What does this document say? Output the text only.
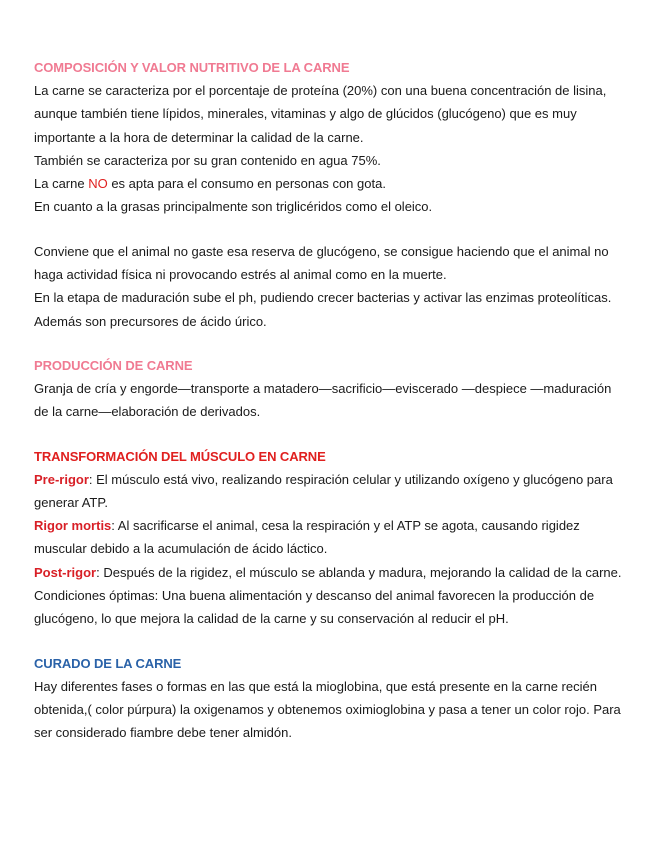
COMPOSICIÓN Y VALOR NUTRITIVO DE LA CARNE

La carne se caracteriza por el porcentaje de proteína (20%) con una buena concentración de lisina, aunque también tiene lípidos, minerales, vitaminas y algo de glúcidos (glucógeno) que es muy importante a la hora de determinar la calidad de la carne.

También se caracteriza por su gran contenido en agua 75%.

La carne NO es apta para el consumo en personas con gota.

En cuanto a la grasas principalmente son triglicéridos como el oleico.

Conviene que el animal no gaste esa reserva de glucógeno, se consigue haciendo que el animal no haga actividad física ni provocando estrés al animal como en la muerte.

En la etapa de maduración sube el ph, pudiendo crecer bacterias y activar las enzimas proteolíticas. Además son precursores de ácido úrico.

PRODUCCIÓN DE CARNE

Granja de cría y engorde—transporte a matadero—sacrificio—eviscerado —despiece —maduración de la carne—elaboración de derivados.

TRANSFORMACIÓN DEL MÚSCULO EN CARNE

Pre-rigor: El músculo está vivo, realizando respiración celular y utilizando oxígeno y glucógeno para generar ATP.

Rigor mortis: Al sacrificarse el animal, cesa la respiración y el ATP se agota, causando rigidez muscular debido a la acumulación de ácido láctico.

Post-rigor: Después de la rigidez, el músculo se ablanda y madura, mejorando la calidad de la carne.

Condiciones óptimas: Una buena alimentación y descanso del animal favorecen la producción de glucógeno, lo que mejora la calidad de la carne y su conservación al reducir el pH.

CURADO DE LA CARNE

Hay diferentes fases o formas en las que está la mioglobina, que está presente en la carne recién obtenida,( color púrpura) la oxigenamos y obtenemos oximioglobina y pasa a tener un color rojo. Para ser considerado fiambre debe tener almidón.
